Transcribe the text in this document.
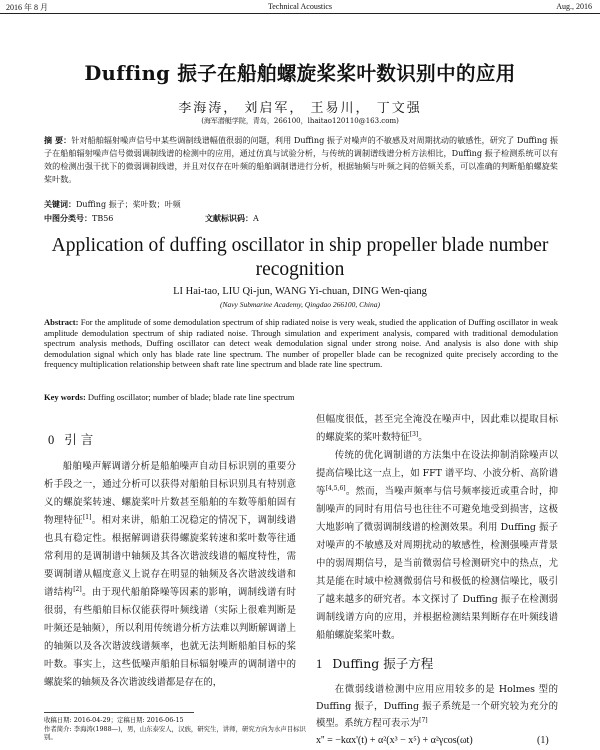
2016 年 8 月	Technical Acoustics	Aug., 2016
Duffing 振子在船舶螺旋桨桨叶数识别中的应用
李海涛， 刘启军， 王易川， 丁文强
(海军潜艇学院，青岛，266100，lhaitao120110@163.com)
摘 要：针对船舶辐射噪声信号中某些调制线谱幅值很弱的问题，利用 Duffing 振子对噪声的不敏感及对周期扰动的敏感性，研究了 Duffing 振子在船舶辐射噪声信号微弱调制线谱的检测中的应用，通过仿真与试验分析，与传统的调制谱线谱分析方法相比，Duffing 振子检测系统可以有效的检测出强干扰下的微弱调制线谱，并且对仅存在叶频的船舶调制谱进行分析，根据轴频与叶频之间的倍频关系，可以准确的判断船舶螺旋桨桨叶数。
关键词：Duffing 振子；桨叶数；叶频
中图分类号：TB56	文献标识码：A
Application of duffing oscillator in ship propeller blade number recognition
LI Hai-tao, LIU Qi-jun, WANG Yi-chuan, DING Wen-qiang
(Navy Submarine Academy, Qingdao 266100, China)
Abstract: For the amplitude of some demodulation spectrum of ship radiated noise is very weak, studied the application of Duffing oscillator in weak amplitude demodulation spectrum of ship radiated noise. Through simulation and experiment analysis, compared with traditional demodulation spectrum analysis methods, Duffing oscillator can detect weak demodulation signal under strong noise. And analysis is also done with ship demodulation signal which only has blade rate line spectrum. The number of propeller blade can be recognized quite precisely according to the frequency multiplication relationship between shaft rate line spectrum and blade rate line spectrum.
Key words: Duffing oscillator; number of blade; blade rate line spectrum
0 引 言

船舶噪声解调谱分析是船舶噪声自动目标识别的重要分析手段之一，通过分析可以获得对船舶目标识别具有特别意义的螺旋桨转速、螺旋桨叶片数甚至船舶的车数等船舶固有物理特征[1]。相对来讲，船舶工况稳定的情况下，调制线谱也具有稳定性。根据解调谱获得螺旋桨转速和桨叶数等往通常利用的是调制谱中轴频及其各次谐波线谱的幅度特性，需要调制谱从幅度意义上说存在明显的轴频及各次谐波线谱和谱结构[2]。由于现代船舶降噪等因素的影响，调制线谱有时很弱，有些船舶目标仅能获得叶频线谱（实际上很难判断是叶频还是轴频），所以利用传统谱分析方法难以判断解调谱上的轴频以及各次谐波线谱频率，也就无法判断船舶目标的桨叶数。事实上，这些低噪声船舶目标辐射噪声的调制谱中的螺旋桨的轴频及各次谐波线谱都是存在的，

但幅度很低，甚至完全淹没在噪声中，因此难以提取目标的螺旋桨的桨叶数特征[3]。

传统的优化调制谱的方法集中在设法抑制消除噪声以提高信噪比这一点上，如 FFT 谱平均、小波分析、高阶谱等[4,5,6]。然而，当噪声频率与信号频率接近或重合时，抑制噪声的同时有用信号也往往不可避免地受到损害，这极大地影响了微弱调制线谱的检测效果。利用 Duffing 振子对噪声的不敏感及对周期扰动的敏感性，检测强噪声背景中的弱周期信号，是当前微弱信号检测研究中的热点，尤其是能在时域中检测微弱信号和极低的检测信噪比，吸引了越来越多的研究者。本文探讨了 Duffing 振子在检测弱调制线谱方向的应用，并根据检测结果判断存在叶频线谱船舶螺旋桨桨叶数。

1 Duffing 振子方程

在微弱线谱检测中应用应用较多的是 Holmes 型的 Duffing 振子，Duffing 振子系统是一个研究较为充分的模型。系统方程可表示为[7]

x'' = −kαx'(t) + α²(x³ − x⁵) + α²γcos(ωt)	(1)
收稿日期: 2016-04-29；定稿日期: 2016-06-15
作者简介: 李海涛(1988—)，男，山东泰安人，汉族，研究生，讲师，研究方向为水声目标识别。
